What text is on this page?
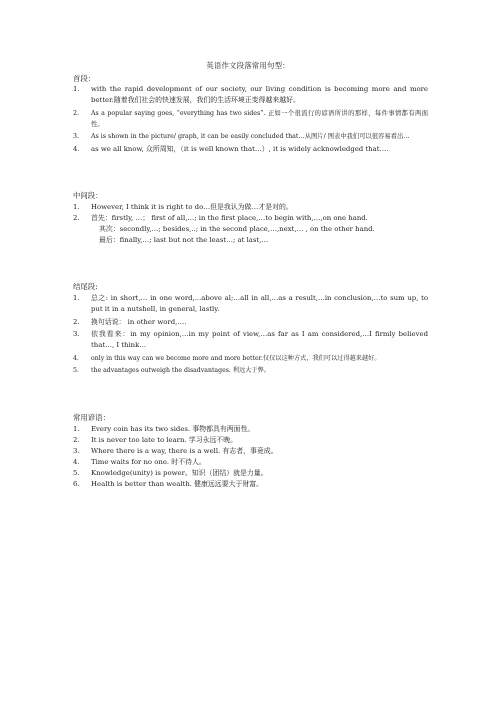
英语作文段落常用句型：
首段：
1. with the rapid development of our society, our living condition is becoming more and more better.随着我们社会的快速发展，我们的生活环境正变得越来越好。
2. As a popular saying goes, “everything has two sides”. 正如一个很流行的谚语所讲的那样，每件事情都有两面性。
3. As is shown in the picture/ graph, it can be easily concluded that…从图片/ 图表中我们可以很容易看出…
4. as we all know, 众所周知，（it is well known that…）, it is widely acknowledged that….
中间段：
1. However, I think it is right to do…但是我认为做…才是对的。
2. 首先：firstly, …； first of all,…; in the first place,…to begin with,…,on one hand.
其次：secondly,…; besides,..; in the second place,…,next,… , on the other hand.
最后：finally,…; last but not the least…; at last,…
结尾段:
1. 总之: in short,… in one word,...above al;…all in all,…as a result,…in conclusion,…to sum up, to put it in a nutshell, in general, lastly.
2. 换句话说： in other word,….
3. 依我看来：in my opinion,…in my point of view,…as far as I am considered,…I firmly believed that…, I think…
4. only in this way can we become more and more better.仅仅以这种方式，我们可以过得越来越好。
5. the advantages outweigh the disadvantages. 利远大于弊。
常用谚语：
1. Every coin has its two sides. 事物都具有两面性。
2. It is never too late to learn. 学习永远不晚。
3. Where there is a way, there is a well. 有志者，事竟成。
4. Time waits for no one. 时不待人。
5. Knowledge(unity) is power。知识（团结）就是力量。
6. Health is better than wealth. 健康远远要大于财富。
